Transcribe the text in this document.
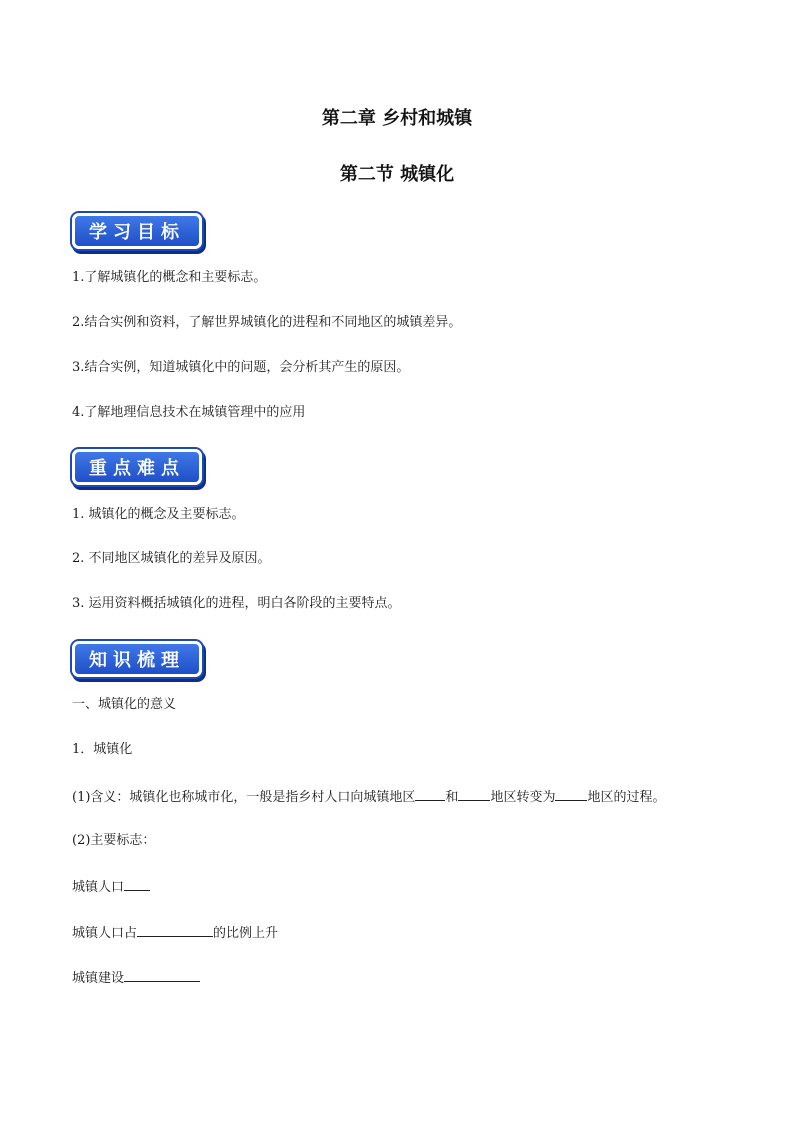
第二章 乡村和城镇
第二节 城镇化
学习目标
1.了解城镇化的概念和主要标志。
2.结合实例和资料，了解世界城镇化的进程和不同地区的城镇差异。
3.结合实例，知道城镇化中的问题，会分析其产生的原因。
4.了解地理信息技术在城镇管理中的应用
重点难点
1. 城镇化的概念及主要标志。
2. 不同地区城镇化的差异及原因。
3. 运用资料概括城镇化的进程，明白各阶段的主要特点。
知识梳理
一、城镇化的意义
1．城镇化
(1)含义：城镇化也称城市化，一般是指乡村人口向城镇地区 和 地区转变为 地区的过程。
(2)主要标志：
城镇人口
城镇人口占	的比例上升
城镇建设
